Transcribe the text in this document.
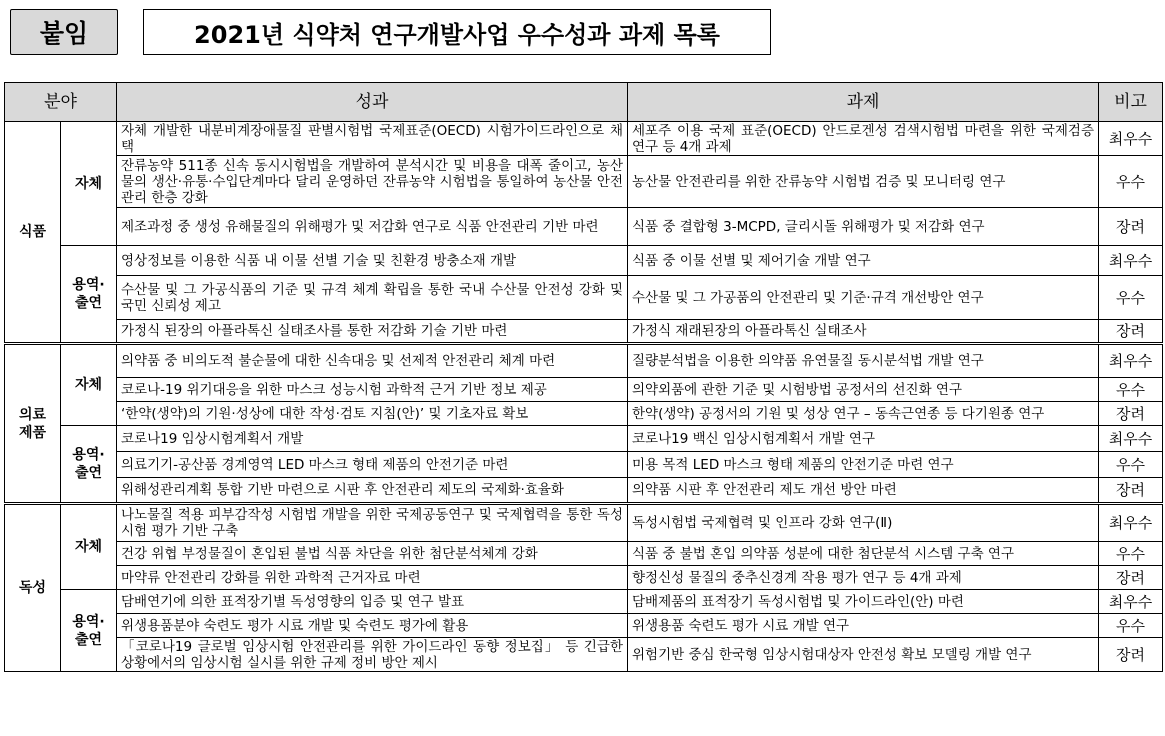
붙임	2021년 식약처 연구개발사업 우수성과 과제 목록
분야		성과	과제	비고
식품	자체	자체 개발한 내분비계장애물질 판별시험법 국제표준(OECD) 시험가이드라인으로 채택	세포주 이용 국제 표준(OECD) 안드로겐성 검색시험법 마련을 위한 국제검증연구 등 4개 과제	최우수
		잔류농약 511종 신속 동시시험법을 개발하여 분석시간 및 비용을 대폭 줄이고, 농산물의 생산·유통·수입단계마다 달리 운영하던 잔류농약 시험법을 통일하여 농산물 안전관리 한층 강화	농산물 안전관리를 위한 잔류농약 시험법 검증 및 모니터링 연구	우수
		제조과정 중 생성 유해물질의 위해평가 및 저감화 연구로 식품 안전관리 기반 마련	식품 중 결합형 3-MCPD, 글리시돌 위해평가 및 저감화 연구	장려
	용역·출연	영상정보를 이용한 식품 내 이물 선별 기술 및 친환경 방충소재 개발	식품 중 이물 선별 및 제어기술 개발 연구	최우수
		수산물 및 그 가공식품의 기준 및 규격 체계 확립을 통한 국내 수산물 안전성 강화 및 국민 신뢰성 제고	수산물 및 그 가공품의 안전관리 및 기준·규격 개선방안 연구	우수
		가정식 된장의 아플라톡신 실태조사를 통한 저감화 기술 기반 마련	가정식 재래된장의 아플라톡신 실태조사	장려
의료제품	자체	의약품 중 비의도적 불순물에 대한 신속대응 및 선제적 안전관리 체계 마련	질량분석법을 이용한 의약품 유연물질 동시분석법 개발 연구	최우수
		코로나-19 위기대응을 위한 마스크 성능시험 과학적 근거 기반 정보 제공	의약외품에 관한 기준 및 시험방법 공정서의 선진화 연구	우수
		‘한약(생약)의 기원·성상에 대한 작성·검토 지침(안)’ 및 기초자료 확보	한약(생약) 공정서의 기원 및 성상 연구 – 동속근연종 등 다기원종 연구	장려
	용역·출연	코로나19 임상시험계획서 개발	코로나19 백신 임상시험계획서 개발 연구	최우수
		의료기기-공산품 경계영역 LED 마스크 형태 제품의 안전기준 마련	미용 목적 LED 마스크 형태 제품의 안전기준 마련 연구	우수
		위해성관리계획 통합 기반 마련으로 시판 후 안전관리 제도의 국제화·효율화	의약품 시판 후 안전관리 제도 개선 방안 마련	장려
독성	자체	나노물질 적용 피부감작성 시험법 개발을 위한 국제공동연구 및 국제협력을 통한 독성시험 평가 기반 구축	독성시험법 국제협력 및 인프라 강화 연구(Ⅱ)	최우수
		건강 위협 부정물질이 혼입된 불법 식품 차단을 위한 첨단분석체계 강화	식품 중 불법 혼입 의약품 성분에 대한 첨단분석 시스템 구축 연구	우수
		마약류 안전관리 강화를 위한 과학적 근거자료 마련	향정신성 물질의 중추신경계 작용 평가 연구 등 4개 과제	장려
	용역·출연	담배연기에 의한 표적장기별 독성영향의 입증 및 연구 발표	담배제품의 표적장기 독성시험법 및 가이드라인(안) 마련	최우수
		위생용품분야 숙련도 평가 시료 개발 및 숙련도 평가에 활용	위생용품 숙련도 평가 시료 개발 연구	우수
		「코로나19 글로벌 임상시험 안전관리를 위한 가이드라인 동향 정보집」 등 긴급한 상황에서의 임상시험 실시를 위한 규제 정비 방안 제시	위험기반 중심 한국형 임상시험대상자 안전성 확보 모델링 개발 연구	장려
